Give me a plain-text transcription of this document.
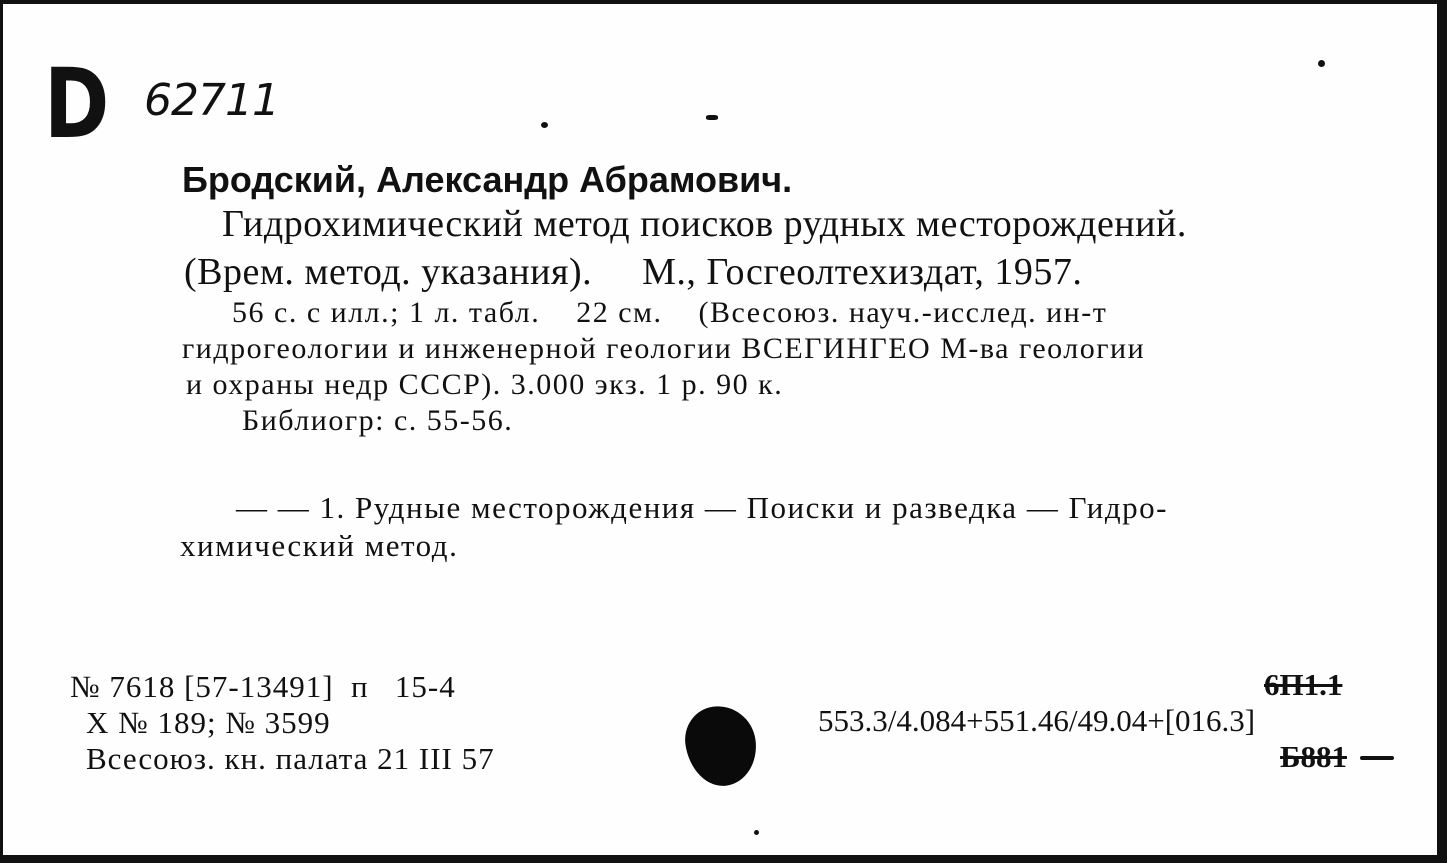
D 62711
Бродский, Александр Абрамович.
Гидрохимический метод поисков рудных месторождений.
(Врем. метод. указания).     М., Госгеолтехиздат, 1957.
56 с. с илл.; 1 л. табл.    22 см.    (Всесоюз. науч.-исслед. ин-т
гидрогеологии и инженерной геологии ВСЕГИНГЕО М-ва геологии
и охраны недр СССР). 3.000 экз. 1 р. 90 к.
Библиогр: с. 55-56.
— — 1. Рудные месторождения — Поиски и разведка — Гидро-
химический метод.
№ 7618 [57-13491]  п   15-4
X № 189; № 3599
Всесоюз. кн. палата 21 III 57
553.3/4.084+551.46/49.04+[016.3]
6П1.1
Б881
